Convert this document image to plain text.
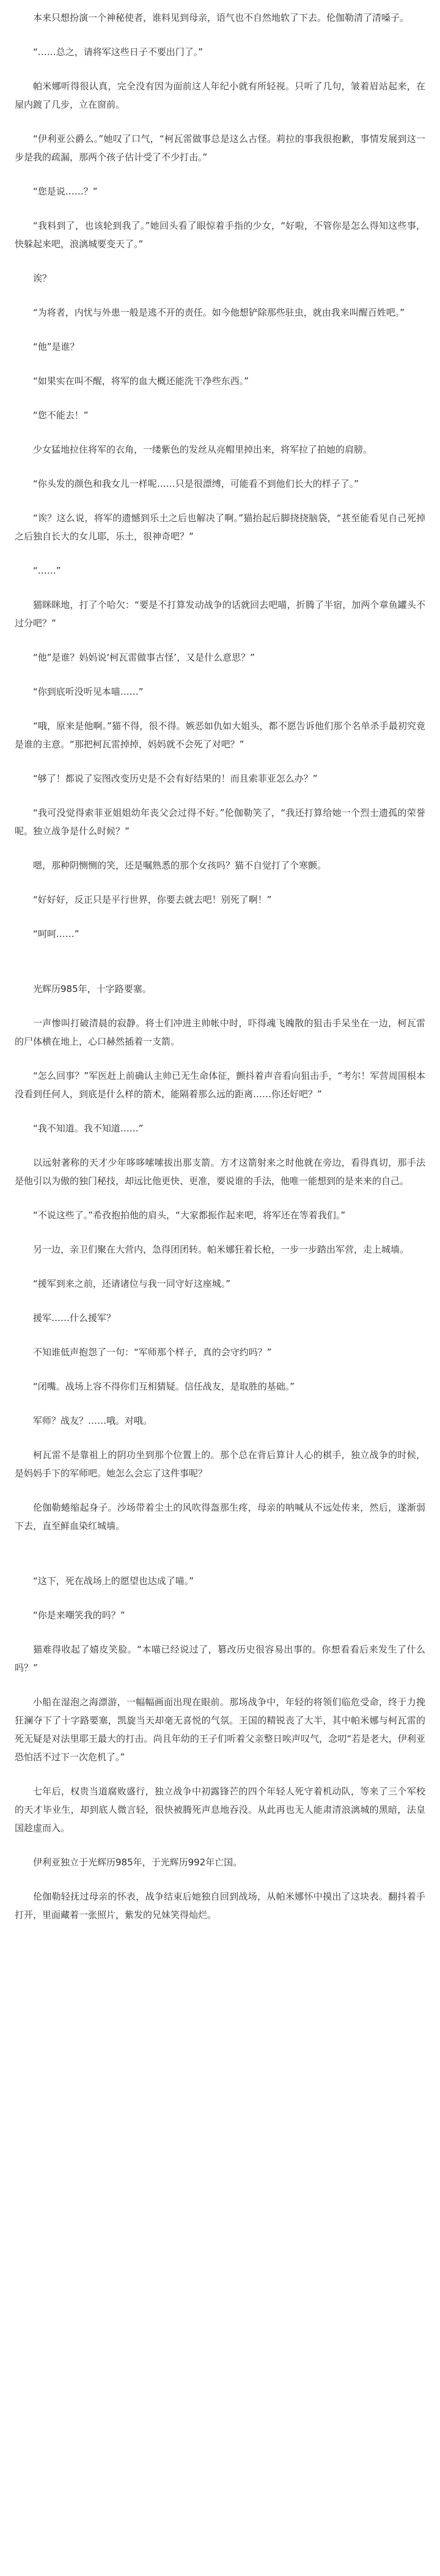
本来只想扮演一个神秘使者，谁料见到母亲，语气也不自然地软了下去。伦伽勒清了清嗓子。

“……总之，请将军这些日子不要出门了。”

帕米娜听得很认真，完全没有因为面前这人年纪小就有所轻视。只听了几句，皱着眉站起来，在屋内踱了几步，立在窗前。

“伊利亚公爵么。”她叹了口气，“柯瓦雷做事总是这么古怪。莉拉的事我很抱歉，事情发展到这一步是我的疏漏，那两个孩子估计受了不少打击。”

“您是说……？”

“我料到了，也该轮到我了。”她回头看了眼惊着手指的少女，“好啦，不管你是怎么得知这些事，快躲起来吧，浪漓城要变天了。”

诶？

“为将者，内忧与外患一般是逃不开的责任。如今他想铲除那些驻虫，就由我来叫醒百姓吧。”

“他”是谁？

“如果实在叫不醒，将军的血大概还能洗干净些东西。”

“您不能去！”

少女猛地拉住将军的衣角，一缕紫色的发丝从亮帽里掉出来，将军拉了拍她的肩膀。

“你头发的颜色和我女儿一样呢……只是很漂缚，可能看不到他们长大的样子了。”

“诶？这么说，将军的遗憾到乐土之后也解决了啊。”猫抬起后脚挠挠脑袋，“甚至能看见自己死掉之后独自长大的女儿耶，乐土，很神奇吧？”

“……”

猫眯眯地，打了个哈欠：“要是不打算发动战争的话就回去吧喵，折腾了半宿，加两个章鱼罐头不过分吧？”

“他”是谁？妈妈说‘柯瓦雷做事古怪’，又是什么意思？”

“你到底听没听见本喵……”

“哦，原来是他啊。”猫不得，很不得。嫉恶如仇如大姐头，都不愿告诉他们那个名单杀手最初究竟是谁的主意。“那把柯瓦雷掉掉，妈妈就不会死了对吧？”

“够了！都说了妄图改变历史是不会有好结果的！而且索菲亚怎么办？”

“我可没觉得索菲亚姐姐幼年丧父会过得不好。”伦伽勒笑了，“我还打算给她一个烈士遗孤的荣誉呢。独立战争是什么时候？”

嗯，那种阴恻恻的笑，还是嘱熟悉的那个女孩吗？猫不自觉打了个寒颤。

“好好好，反正只是平行世界，你要去就去吧！别死了啊！”

“呵呵……”

光辉历985年，十字路要塞。

一声惨叫打破清晨的寂静。将士们冲进主帅帐中时，吓得魂飞魄散的狙击手呆坐在一边，柯瓦雷的尸体横在地上，心口赫然插着一支箭。

“怎么回事？”军医赶上前确认主帅已无生命体征，颤抖着声音看向狙击手，“考尔！军营周围根本没看到任何人，到底是什么样的箭术，能隔着那么远的距离……你还好吧？”

“我不知道。我不知道……”

以远射著称的天才少年哆哆嗦嗦拔出那支箭。方才这箭射来之时他就在旁边，看得真切，那手法是他引以为傲的独门秘技，却远比他更快、更准，要说谁的手法，他唯一能想到的是来来的自己。

“不说这些了。”希孜抱拍他的肩头，“大家都振作起来吧，将军还在等着我们。”

另一边，亲卫们聚在大营内，急得团团转。帕米娜狂着长枪，一步一步踏出军营，走上城墙。

“援军到来之前，还请诸位与我一同守好这座城。”

援军……什么援军？

不知谁低声抱怨了一句：“军师那个样子，真的会守约吗？”

“闭嘴。战场上容不得你们互相猜疑。信任战友，是取胜的基础。”

军师？战友？……哦。对哦。

柯瓦雷不是靠祖上的阴功坐到那个位置上的。那个总在背后算计人心的棋手，独立战争的时候，是妈妈手下的军师吧。她怎么会忘了这件事呢？

伦伽勒蜷缩起身子。沙场带着尘土的风吹得盔那生疼，母亲的呐喊从不远处传来，然后，遂渐弱下去，直至鲜血染红城墙。

“这下，死在战场上的愿望也达成了喵。”

“你是来嘲笑我的吗？”

猫难得收起了嬉皮笑脸。“本喵已经说过了，篡改历史很容易出事的。你想看看后来发生了什么吗？”

小船在湿泡之海漂游，一幅幅画面出现在眼前。那场战争中，年轻的将领们临危受命，终于力挽狂澜夺下了十字路要塞，凯旋当天却毫无喜悦的气氛。王国的精锐丧了大半，其中帕米娜与柯瓦雷的死无疑是对法里耶王最大的打击。尚且年幼的王子们听着父亲整日唉声叹气，念叨“若是老大，伊利亚恐怕活不过下一次危机了。”

七年后，权贵当道腐败盛行，独立战争中初露锋芒的四个年轻人死守着机动队，等来了三个军校的天才毕业生，却到底人微言轻，很快被腾死声息地吞没。从此再也无人能肃清浪漓城的黑暗，法皇国趁虚而入。

伊利亚独立于光辉历985年，于光辉历992年亡国。

伦伽勒轻抚过母亲的怀表，战争结束后她独自回到战场，从帕米娜怀中摸出了这块表。翻抖着手打开，里面藏着一张照片，紫发的兄妹笑得灿烂。
